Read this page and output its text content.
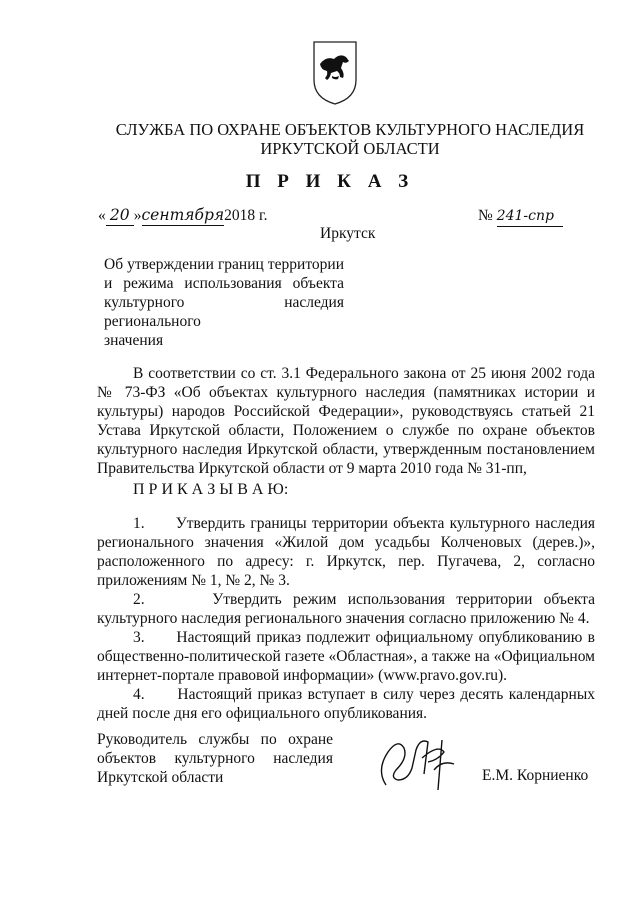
СЛУЖБА ПО ОХРАНЕ ОБЪЕКТОВ КУЛЬТУРНОГО НАСЛЕДИЯ
ИРКУТСКОЙ ОБЛАСТИ
П Р И К А З
« 20 »сентября2018 г.	№ 241-спр
Иркутск
Об утверждении границ территории
и режима использования объекта
культурного наследия регионального
значения
В соответствии со ст. 3.1 Федерального закона от 25 июня 2002 года
№ 73-ФЗ «Об объектах культурного наследия (памятниках истории и
культуры) народов Российской Федерации», руководствуясь статьей 21
Устава Иркутской области, Положением о службе по охране объектов
культурного наследия Иркутской области, утвержденным постановлением
Правительства Иркутской области от 9 марта 2010 года № 31-пп,
П Р И К А З Ы В А Ю:
1.      Утвердить границы территории объекта культурного наследия
регионального значения «Жилой дом усадьбы Колченовых (дерев.)»,
расположенного по адресу: г. Иркутск, пер. Пугачева, 2, согласно
приложениям № 1, № 2, № 3.
2.      Утвердить режим использования территории объекта
культурного наследия регионального значения согласно приложению № 4.
3.      Настоящий приказ подлежит официальному опубликованию в
общественно-политической газете «Областная», а также на «Официальном
интернет-портале правовой информации» (www.pravo.gov.ru).
4.      Настоящий приказ вступает в силу через десять календарных
дней после дня его официального опубликования.
Руководитель службы по охране
объектов культурного наследия
Иркутской области	Е.М. Корниенко
